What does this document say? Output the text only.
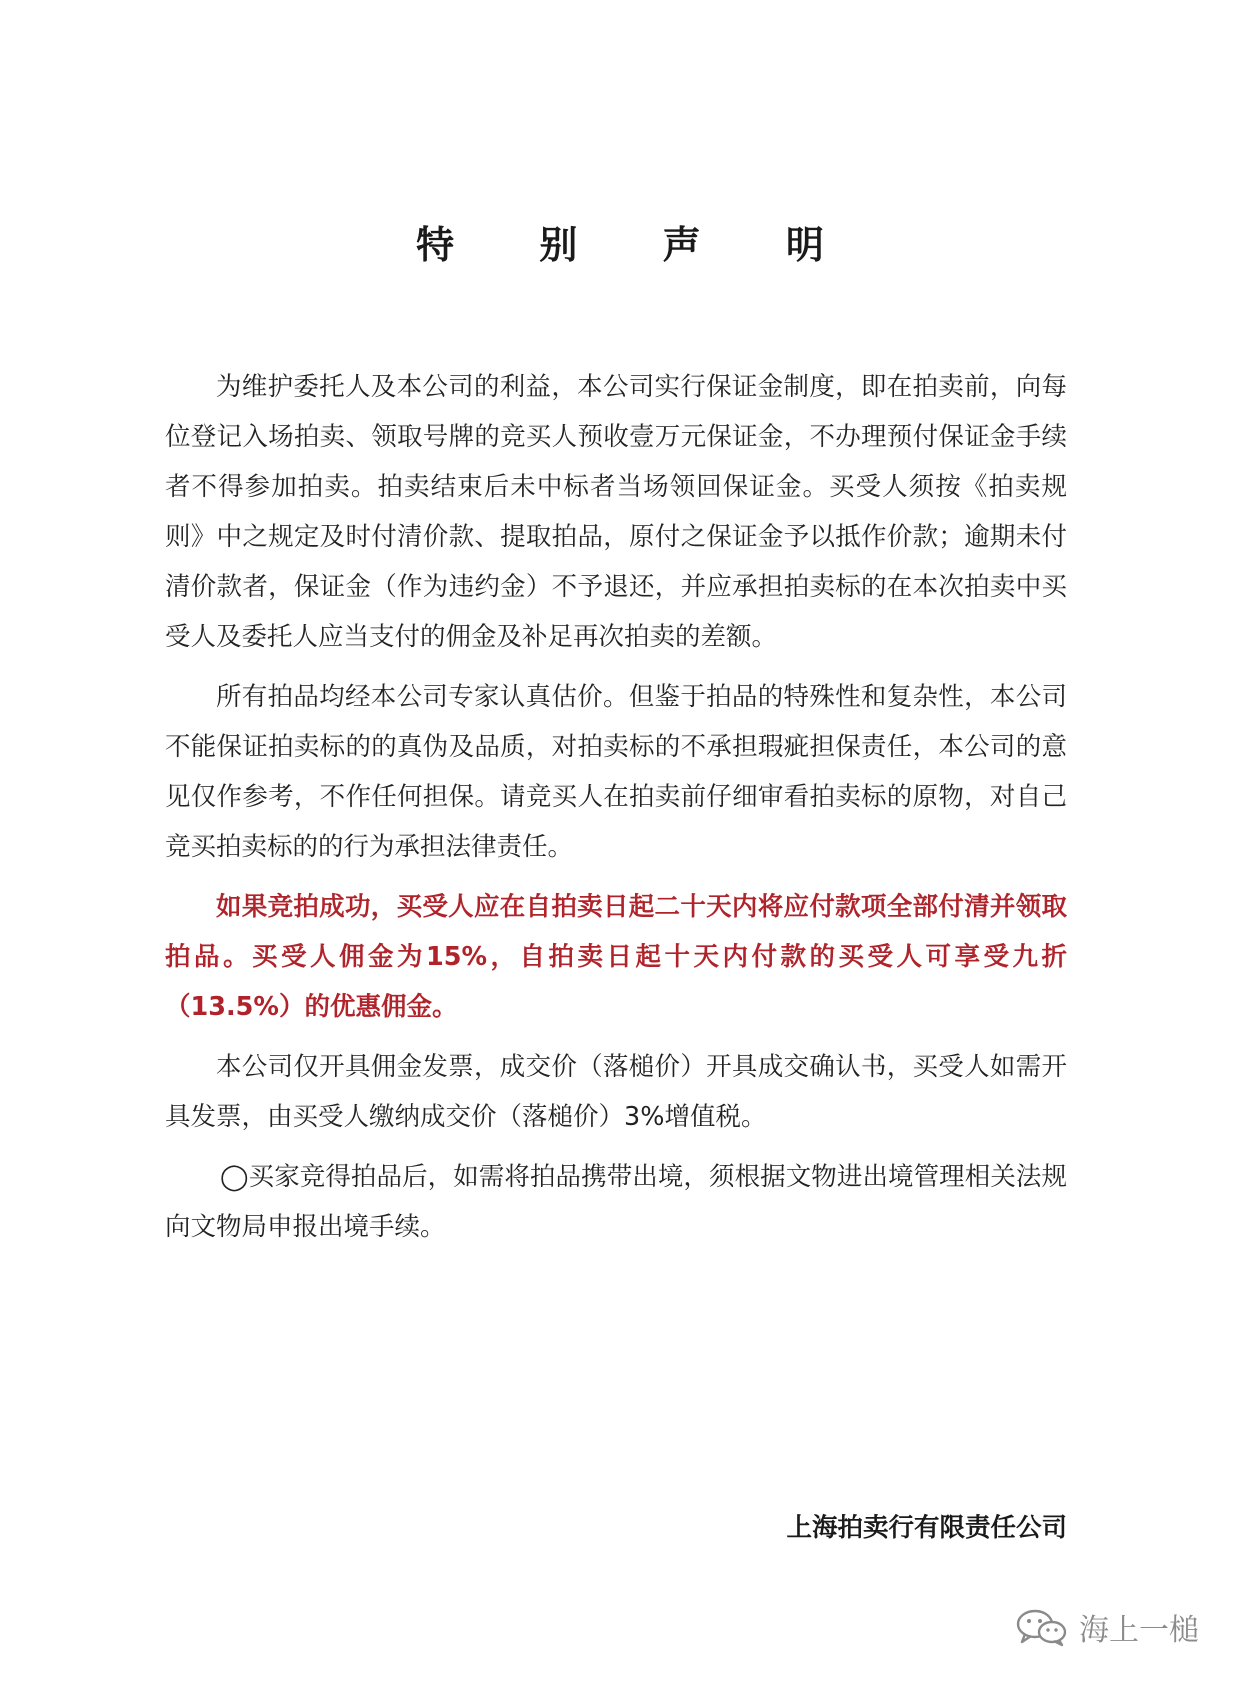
特 别 声 明

为维护委托人及本公司的利益，本公司实行保证金制度，即在拍卖前，向每位登记入场拍卖、领取号牌的竞买人预收壹万元保证金，不办理预付保证金手续者不得参加拍卖。拍卖结束后未中标者当场领回保证金。买受人须按《拍卖规则》中之规定及时付清价款、提取拍品，原付之保证金予以抵作价款；逾期未付清价款者，保证金（作为违约金）不予退还，并应承担拍卖标的在本次拍卖中买受人及委托人应当支付的佣金及补足再次拍卖的差额。

所有拍品均经本公司专家认真估价。但鉴于拍品的特殊性和复杂性，本公司不能保证拍卖标的的真伪及品质，对拍卖标的不承担瑕疵担保责任，本公司的意见仅作参考，不作任何担保。请竞买人在拍卖前仔细审看拍卖标的原物，对自己竞买拍卖标的的行为承担法律责任。

如果竞拍成功，买受人应在自拍卖日起二十天内将应付款项全部付清并领取拍品。买受人佣金为15%，自拍卖日起十天内付款的买受人可享受九折（13.5%）的优惠佣金。

本公司仅开具佣金发票，成交价（落槌价）开具成交确认书，买受人如需开具发票，由买受人缴纳成交价（落槌价）3%增值税。

◯买家竞得拍品后，如需将拍品携带出境，须根据文物进出境管理相关法规向文物局申报出境手续。

上海拍卖行有限责任公司
海上一槌
